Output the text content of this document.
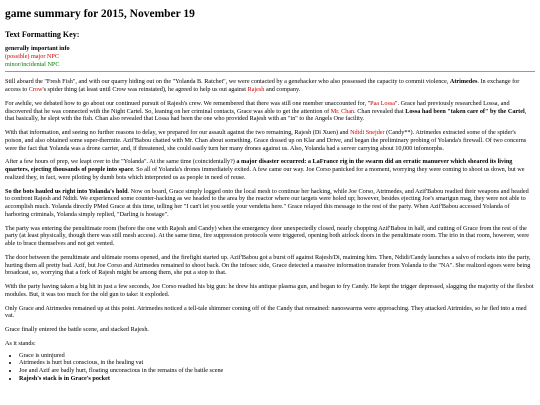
game summary for 2015, November 19
Text Formatting Key:
generally important info
(possible) major NPC
minor/incidental NPC

Still aboard the "Fresh Fish", and with our quarry hiding out on the "Yolanda B. Ratchet", we were contacted by a genehacker who also possessed the capacity to commit violence, Atrimedes. In exchange for access to Crow's spider thing (at least until Crow was reinstated), he agreed to help us out against Rajesh and company.

For awhile, we debated how to go about our continued pursuit of Rajesh's crew. We remembered that there was still one member unaccounted for, "Paa Lossa". Grace had previously researched Lossa, and discovered that he was connected with the Night Cartel. So, leaning on her criminal contacts, Grace was able to get the attention of Mr. Chan. Chan revealed that Lossa had been "taken care of" by the Cartel, that basically, he slept with the fish. Chan also revealed that Lossa had been the one who provided Rajesh with an "in" to the Angels One facility.

With that information, and seeing no further reasons to delay, we prepared for our assault against the two remaining, Rajesh (Di Xuen) and Ndidi Snejder (Candy**). Atrimedes extracted some of the spider's poison, and also obtained some super-thermite. Azif'Babou chatted with Mr. Chan about something. Grace dossed up on Klar and Drive, and began the preliminary probing of Yolanda's firewall. Of two concerns were the fact that Yolanda was a drone carrier, and, if threatened, she could easily turn her many drones against us. Also, Yolanda had a server carrying about 10,000 infomorphs.

After a few hours of prep, we leapt over to the "Yolanda". At the same time (coincidentally?) a major disaster occurred: a LaFrance rig in the swarm did an erratic manuever which sheared its living quarters, ejecting thousands of people into space. So all of Yolanda's drones immediately exited. A few came our way. Joe Corso panicked for a moment, worrying they were coming to shoot us down, but we realized they, in fact, were piloting by dumb bots which interpreted us as people in need of reuse.

So the bots hauled us right into Yolanda's hold. Now on board, Grace simply logged onto the local mesh to continue her hacking, while Joe Corso, Atrimedes, and Azif'Babou readied their weapons and headed to confront Rajesh and Ndidi. We experienced some counter-hacking as we headed to the area by the reactor where our targets were holed up; however, besides ejecting Joe's smartgun mag, they were not able to accomplish much. Yolanda directly PMed Grace at this time, telling her "I can't let you settle your vendetta here." Grace relayed this message to the rest of the party. When Azif'Babou accessed Yolanda of harboring criminals, Yolanda simply replied, "Darling is hostage".

The party was entering the penultimate room (before the one with Rajesh and Candy) when the emergency door unexpectedly closed, nearly chopping Azif'Babou in half, and cutting of Grace from the rest of the party (at least physically, though there was still mesh access). At the same time, fire suppression protocols were triggered, opening both airlock doors in the penultimate room. The trio in that room, however, were able to brace themselves and not get vented.

The door between the penultimate and ultimate rooms opened, and the firefight started up. Azif'Babou got a burst off against Rajesh/Di, maiming him. Then, Ndidi/Candy launches a salvo of rockets into the party, hurting them all pretty bad. Azif, but Joe Corso and Atrimedes remained to shoot back. On the infosec side, Grace detected a massive information transfer from Yolanda to the "NA". She realized egoes were being broadcast, so, worrying that a fork of Rajesh might be among them, she put a stop to that.

With the party having taken a big hit in just a few seconds, Joe Corso readied his big gun: he drew his antique plasma gun, and began to fry Candy. He kept the trigger depressed, slagging the majority of the flexbot modules. But, it was too much for the old gun to take: it exploded.

Only Grace and Atrimedes remained up at this point. Atrimedes noticed a tell-tale shimmer coming off of the Candy that remained: nanoswarms were approaching. They attacked Atrimides, so he fled into a med vat.

Grace finally entered the battle scene, and stacked Rajesh.

As it stands:

• Grace is uninjured
• Atrimedes is hurt but conscious, in the healing vat
• Joe and Azif are badly hurt, floating unconscious in the remains of the battle scene
• Rajesh's stack is in Grace's pocket
